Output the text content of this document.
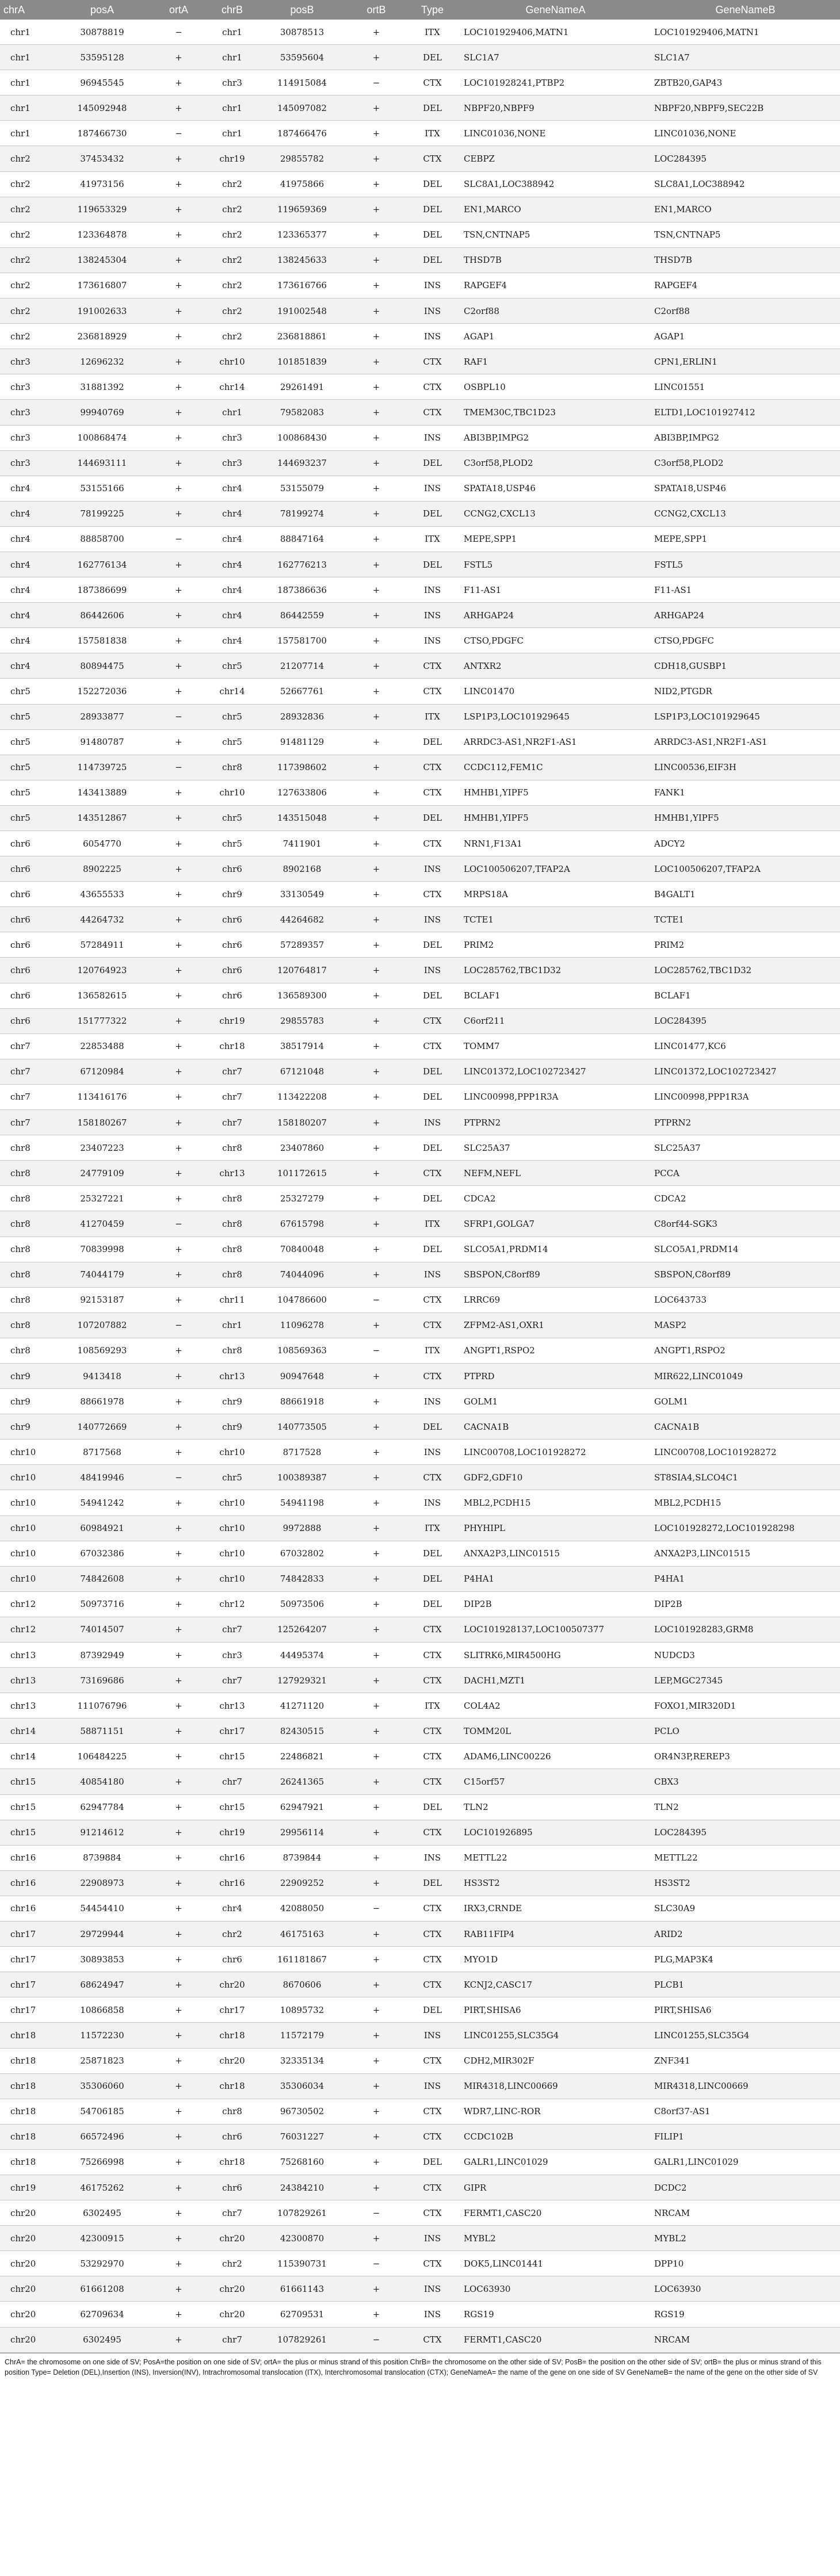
chrA	posA	ortA	chrB	posB	ortB	Type	GeneNameA	GeneNameB
chr1	30878819	−	chr1	30878513	+	ITX	LOC101929406,MATN1	LOC101929406,MATN1
chr1	53595128	+	chr1	53595604	+	DEL	SLC1A7	SLC1A7
chr1	96945545	+	chr3	114915084	−	CTX	LOC101928241,PTBP2	ZBTB20,GAP43
chr1	145092948	+	chr1	145097082	+	DEL	NBPF20,NBPF9	NBPF20,NBPF9,SEC22B
chr1	187466730	−	chr1	187466476	+	ITX	LINC01036,NONE	LINC01036,NONE
chr2	37453432	+	chr19	29855782	+	CTX	CEBPZ	LOC284395
chr2	41973156	+	chr2	41975866	+	DEL	SLC8A1,LOC388942	SLC8A1,LOC388942
chr2	119653329	+	chr2	119659369	+	DEL	EN1,MARCO	EN1,MARCO
chr2	123364878	+	chr2	123365377	+	DEL	TSN,CNTNAP5	TSN,CNTNAP5
chr2	138245304	+	chr2	138245633	+	DEL	THSD7B	THSD7B
chr2	173616807	+	chr2	173616766	+	INS	RAPGEF4	RAPGEF4
chr2	191002633	+	chr2	191002548	+	INS	C2orf88	C2orf88
chr2	236818929	+	chr2	236818861	+	INS	AGAP1	AGAP1
chr3	12696232	+	chr10	101851839	+	CTX	RAF1	CPN1,ERLIN1
chr3	31881392	+	chr14	29261491	+	CTX	OSBPL10	LINC01551
chr3	99940769	+	chr1	79582083	+	CTX	TMEM30C,TBC1D23	ELTD1,LOC101927412
chr3	100868474	+	chr3	100868430	+	INS	ABI3BP,IMPG2	ABI3BP,IMPG2
chr3	144693111	+	chr3	144693237	+	DEL	C3orf58,PLOD2	C3orf58,PLOD2
chr4	53155166	+	chr4	53155079	+	INS	SPATA18,USP46	SPATA18,USP46
chr4	78199225	+	chr4	78199274	+	DEL	CCNG2,CXCL13	CCNG2,CXCL13
chr4	88858700	−	chr4	88847164	+	ITX	MEPE,SPP1	MEPE,SPP1
chr4	162776134	+	chr4	162776213	+	DEL	FSTL5	FSTL5
chr4	187386699	+	chr4	187386636	+	INS	F11-AS1	F11-AS1
chr4	86442606	+	chr4	86442559	+	INS	ARHGAP24	ARHGAP24
chr4	157581838	+	chr4	157581700	+	INS	CTSO,PDGFC	CTSO,PDGFC
chr4	80894475	+	chr5	21207714	+	CTX	ANTXR2	CDH18,GUSBP1
chr5	152272036	+	chr14	52667761	+	CTX	LINC01470	NID2,PTGDR
chr5	28933877	−	chr5	28932836	+	ITX	LSP1P3,LOC101929645	LSP1P3,LOC101929645
chr5	91480787	+	chr5	91481129	+	DEL	ARRDC3-AS1,NR2F1-AS1	ARRDC3-AS1,NR2F1-AS1
chr5	114739725	−	chr8	117398602	+	CTX	CCDC112,FEM1C	LINC00536,EIF3H
chr5	143413889	+	chr10	127633806	+	CTX	HMHB1,YIPF5	FANK1
chr5	143512867	+	chr5	143515048	+	DEL	HMHB1,YIPF5	HMHB1,YIPF5
chr6	6054770	+	chr5	7411901	+	CTX	NRN1,F13A1	ADCY2
chr6	8902225	+	chr6	8902168	+	INS	LOC100506207,TFAP2A	LOC100506207,TFAP2A
chr6	43655533	+	chr9	33130549	+	CTX	MRPS18A	B4GALT1
chr6	44264732	+	chr6	44264682	+	INS	TCTE1	TCTE1
chr6	57284911	+	chr6	57289357	+	DEL	PRIM2	PRIM2
chr6	120764923	+	chr6	120764817	+	INS	LOC285762,TBC1D32	LOC285762,TBC1D32
chr6	136582615	+	chr6	136589300	+	DEL	BCLAF1	BCLAF1
chr6	151777322	+	chr19	29855783	+	CTX	C6orf211	LOC284395
chr7	22853488	+	chr18	38517914	+	CTX	TOMM7	LINC01477,KC6
chr7	67120984	+	chr7	67121048	+	DEL	LINC01372,LOC102723427	LINC01372,LOC102723427
chr7	113416176	+	chr7	113422208	+	DEL	LINC00998,PPP1R3A	LINC00998,PPP1R3A
chr7	158180267	+	chr7	158180207	+	INS	PTPRN2	PTPRN2
chr8	23407223	+	chr8	23407860	+	DEL	SLC25A37	SLC25A37
chr8	24779109	+	chr13	101172615	+	CTX	NEFM,NEFL	PCCA
chr8	25327221	+	chr8	25327279	+	DEL	CDCA2	CDCA2
chr8	41270459	−	chr8	67615798	+	ITX	SFRP1,GOLGA7	C8orf44-SGK3
chr8	70839998	+	chr8	70840048	+	DEL	SLCO5A1,PRDM14	SLCO5A1,PRDM14
chr8	74044179	+	chr8	74044096	+	INS	SBSPON,C8orf89	SBSPON,C8orf89
chr8	92153187	+	chr11	104786600	−	CTX	LRRC69	LOC643733
chr8	107207882	−	chr1	11096278	+	CTX	ZFPM2-AS1,OXR1	MASP2
chr8	108569293	+	chr8	108569363	−	ITX	ANGPT1,RSPO2	ANGPT1,RSPO2
chr9	9413418	+	chr13	90947648	+	CTX	PTPRD	MIR622,LINC01049
chr9	88661978	+	chr9	88661918	+	INS	GOLM1	GOLM1
chr9	140772669	+	chr9	140773505	+	DEL	CACNA1B	CACNA1B
chr10	8717568	+	chr10	8717528	+	INS	LINC00708,LOC101928272	LINC00708,LOC101928272
chr10	48419946	−	chr5	100389387	+	CTX	GDF2,GDF10	ST8SIA4,SLCO4C1
chr10	54941242	+	chr10	54941198	+	INS	MBL2,PCDH15	MBL2,PCDH15
chr10	60984921	+	chr10	9972888	+	ITX	PHYHIPL	LOC101928272,LOC101928298
chr10	67032386	+	chr10	67032802	+	DEL	ANXA2P3,LINC01515	ANXA2P3,LINC01515
chr10	74842608	+	chr10	74842833	+	DEL	P4HA1	P4HA1
chr12	50973716	+	chr12	50973506	+	DEL	DIP2B	DIP2B
chr12	74014507	+	chr7	125264207	+	CTX	LOC101928137,LOC100507377	LOC101928283,GRM8
chr13	87392949	+	chr3	44495374	+	CTX	SLITRK6,MIR4500HG	NUDCD3
chr13	73169686	+	chr7	127929321	+	CTX	DACH1,MZT1	LEP,MGC27345
chr13	111076796	+	chr13	41271120	+	ITX	COL4A2	FOXO1,MIR320D1
chr14	58871151	+	chr17	82430515	+	CTX	TOMM20L	PCLO
chr14	106484225	+	chr15	22486821	+	CTX	ADAM6,LINC00226	OR4N3P,REREP3
chr15	40854180	+	chr7	26241365	+	CTX	C15orf57	CBX3
chr15	62947784	+	chr15	62947921	+	DEL	TLN2	TLN2
chr15	91214612	+	chr19	29956114	+	CTX	LOC101926895	LOC284395
chr16	8739884	+	chr16	8739844	+	INS	METTL22	METTL22
chr16	22908973	+	chr16	22909252	+	DEL	HS3ST2	HS3ST2
chr16	54454410	+	chr4	42088050	−	CTX	IRX3,CRNDE	SLC30A9
chr17	29729944	+	chr2	46175163	+	CTX	RAB11FIP4	ARID2
chr17	30893853	+	chr6	161181867	+	CTX	MYO1D	PLG,MAP3K4
chr17	68624947	+	chr20	8670606	+	CTX	KCNJ2,CASC17	PLCB1
chr17	10866858	+	chr17	10895732	+	DEL	PIRT,SHISA6	PIRT,SHISA6
chr18	11572230	+	chr18	11572179	+	INS	LINC01255,SLC35G4	LINC01255,SLC35G4
chr18	25871823	+	chr20	32335134	+	CTX	CDH2,MIR302F	ZNF341
chr18	35306060	+	chr18	35306034	+	INS	MIR4318,LINC00669	MIR4318,LINC00669
chr18	54706185	+	chr8	96730502	+	CTX	WDR7,LINC-ROR	C8orf37-AS1
chr18	66572496	+	chr6	76031227	+	CTX	CCDC102B	FILIP1
chr18	75266998	+	chr18	75268160	+	DEL	GALR1,LINC01029	GALR1,LINC01029
chr19	46175262	+	chr6	24384210	+	CTX	GIPR	DCDC2
chr20	6302495	+	chr7	107829261	−	CTX	FERMT1,CASC20	NRCAM
chr20	42300915	+	chr20	42300870	+	INS	MYBL2	MYBL2
chr20	53292970	+	chr2	115390731	−	CTX	DOK5,LINC01441	DPP10
chr20	61661208	+	chr20	61661143	+	INS	LOC63930	LOC63930
chr20	62709634	+	chr20	62709531	+	INS	RGS19	RGS19
chr20	6302495	+	chr7	107829261	−	CTX	FERMT1,CASC20	NRCAM
ChrA= the chromosome on one side of SV; PosA=the position on one side of SV; ortA= the plus or minus strand of this position ChrB= the chromosome on the other side of SV; PosB= the position on the other side of SV; ortB= the plus or minus strand of this position Type= Deletion (DEL),Insertion (INS), Inversion(INV), Intrachromosomal translocation (ITX), Interchromosomal translocation (CTX); GeneNameA= the name of the gene on one side of SV GeneNameB= the name of the gene on the other side of SV
